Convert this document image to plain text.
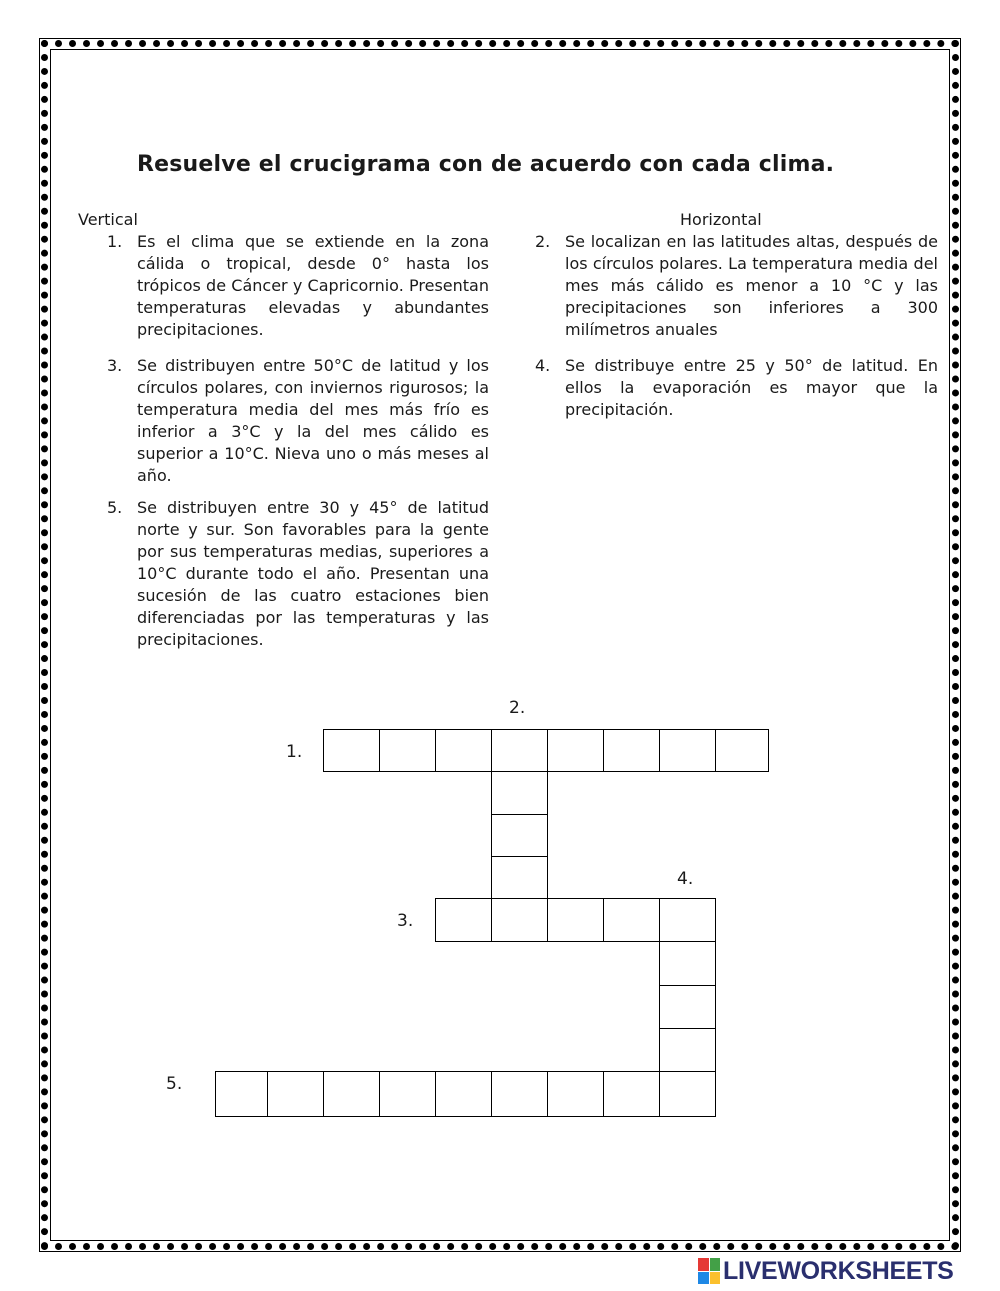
Resuelve el crucigrama con de acuerdo con cada clima.
Vertical	Horizontal
1. Es el clima que se extiende en la zona cálida o tropical, desde 0° hasta los trópicos de Cáncer y Capricornio. Presentan temperaturas elevadas y abundantes precipitaciones.
3. Se distribuyen entre 50°C de latitud y los círculos polares, con inviernos rigurosos; la temperatura media del mes más frío es inferior a 3°C y la del mes cálido es superior a 10°C. Nieva uno o más meses al año.
5. Se distribuyen entre 30 y 45° de latitud norte y sur. Son favorables para la gente por sus temperaturas medias, superiores a 10°C durante todo el año. Presentan una sucesión de las cuatro estaciones bien diferenciadas por las temperaturas y las precipitaciones.
2. Se localizan en las latitudes altas, después de los círculos polares. La temperatura media del mes más cálido es menor a 10 °C y las precipitaciones son inferiores a 300 milímetros anuales
4. Se distribuye entre 25 y 50° de latitud. En ellos la evaporación es mayor que la precipitación.
1.
2.
3.
4.
5.
LIVEWORKSHEETS
